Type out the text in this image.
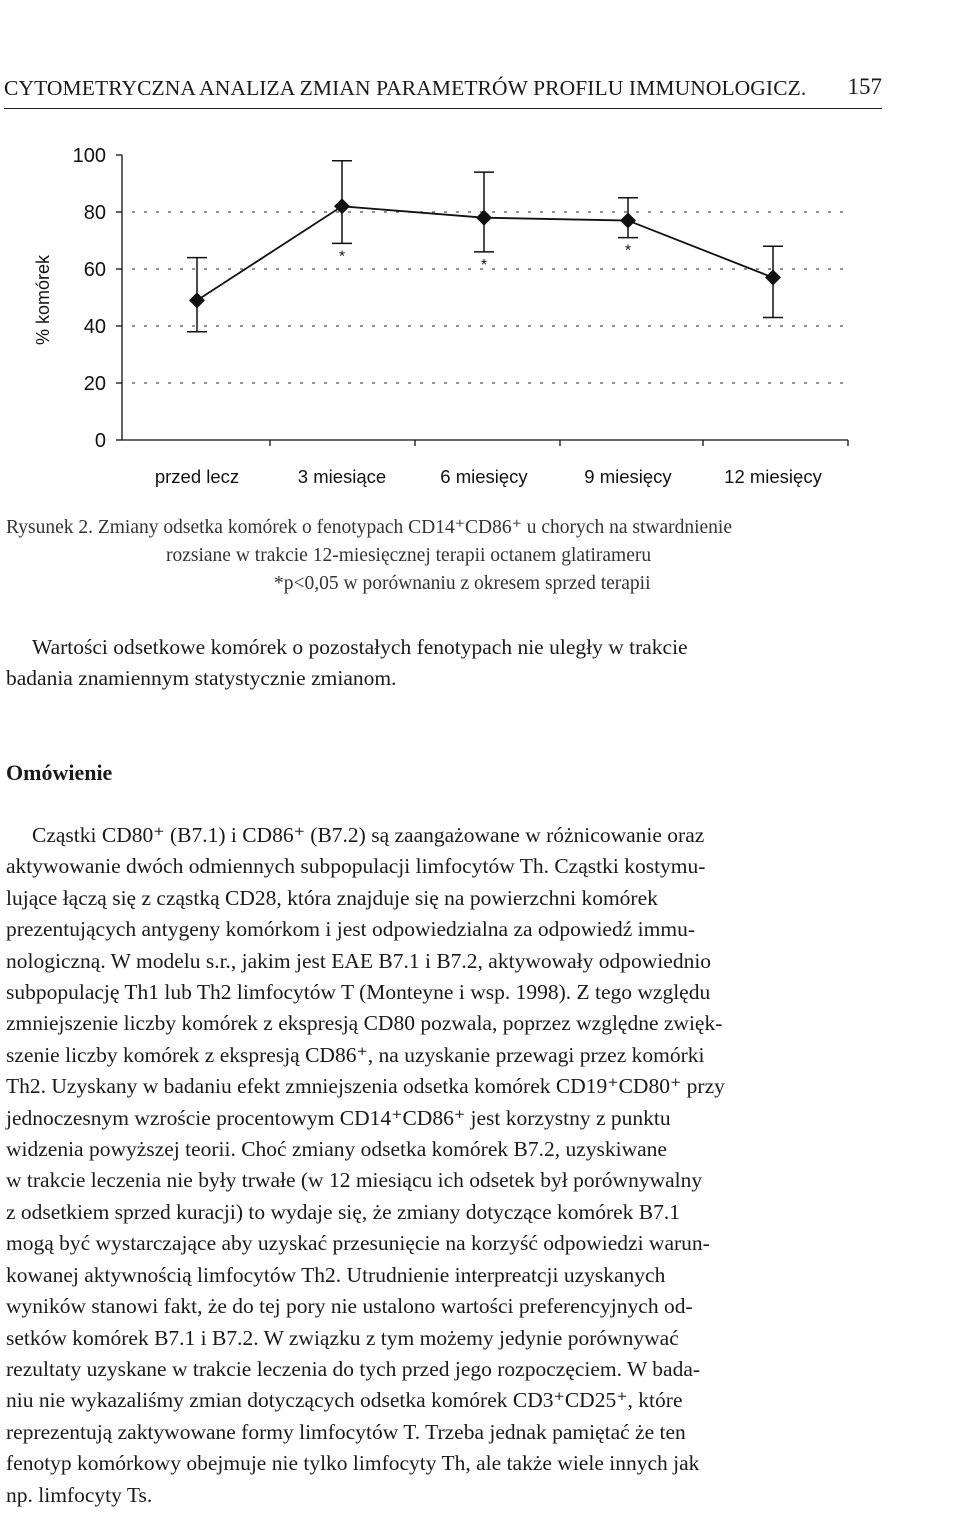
CYTOMETRYCZNA ANALIZA ZMIAN PARAMETRÓW PROFILU IMMUNOLOGICZ. 157
0
20
40
60
80
100
przed lecz	3 miesiące	6 miesięcy	9 miesięcy	12 miesięcy
% komórek	*
*
*
Rysunek 2. Zmiany odsetka komórek o fenotypach CD14⁺CD86⁺ u chorych na stwardnienie
rozsiane w trakcie 12-miesięcznej terapii octanem glatirameru
*p<0,05 w porównaniu z okresem sprzed terapii
Wartości odsetkowe komórek o pozostałych fenotypach nie uległy w trakcie
badania znamiennym statystycznie zmianom.
Omówienie
Cząstki CD80⁺ (B7.1) i CD86⁺ (B7.2) są zaangażowane w różnicowanie oraz
aktywowanie dwóch odmiennych subpopulacji limfocytów Th. Cząstki kostymu-
lujące łączą się z cząstką CD28, która znajduje się na powierzchni komórek
prezentujących antygeny komórkom i jest odpowiedzialna za odpowiedź immu-
nologiczną. W modelu s.r., jakim jest EAE B7.1 i B7.2, aktywowały odpowiednio
subpopulację Th1 lub Th2 limfocytów T (Monteyne i wsp. 1998). Z tego względu
zmniejszenie liczby komórek z ekspresją CD80 pozwala, poprzez względne zwięk-
szenie liczby komórek z ekspresją CD86⁺, na uzyskanie przewagi przez komórki
Th2. Uzyskany w badaniu efekt zmniejszenia odsetka komórek CD19⁺CD80⁺ przy
jednoczesnym wzroście procentowym CD14⁺CD86⁺ jest korzystny z punktu
widzenia powyższej teorii. Choć zmiany odsetka komórek B7.2, uzyskiwane
w trakcie leczenia nie były trwałe (w 12 miesiącu ich odsetek był porównywalny
z odsetkiem sprzed kuracji) to wydaje się, że zmiany dotyczące komórek B7.1
mogą być wystarczające aby uzyskać przesunięcie na korzyść odpowiedzi warun-
kowanej aktywnością limfocytów Th2. Utrudnienie interpreatcji uzyskanych
wyników stanowi fakt, że do tej pory nie ustalono wartości preferencyjnych od-
setków komórek B7.1 i B7.2. W związku z tym możemy jedynie porównywać
rezultaty uzyskane w trakcie leczenia do tych przed jego rozpoczęciem. W bada-
niu nie wykazaliśmy zmian dotyczących odsetka komórek CD3⁺CD25⁺, które
reprezentują zaktywowane formy limfocytów T. Trzeba jednak pamiętać że ten
fenotyp komórkowy obejmuje nie tylko limfocyty Th, ale także wiele innych jak
np. limfocyty Ts.
